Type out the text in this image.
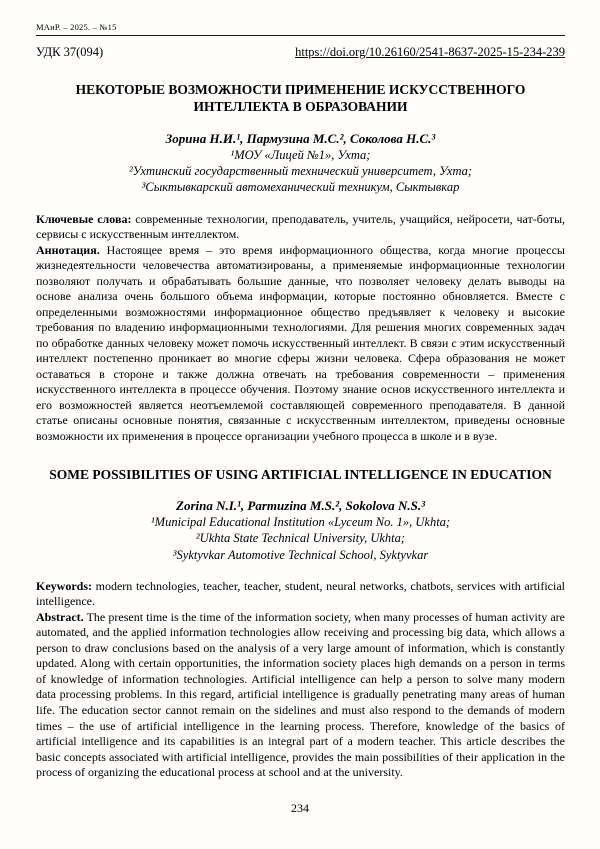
МАиР. – 2025. – №15
УДК 37(094)	https://doi.org/10.26160/2541-8637-2025-15-234-239
НЕКОТОРЫЕ ВОЗМОЖНОСТИ ПРИМЕНЕНИЕ ИСКУССТВЕННОГО ИНТЕЛЛЕКТА В ОБРАЗОВАНИИ
Зорина Н.И.¹, Пармузина М.С.², Соколова Н.С.³
¹МОУ «Лицей №1», Ухта;
²Ухтинский государственный технический университет, Ухта;
³Сыктывкарский автомеханический техникум, Сыктывкар
Ключевые слова: современные технологии, преподаватель, учитель, учащийся, нейросети, чат-боты, сервисы с искусственным интеллектом.
Аннотация. Настоящее время – это время информационного общества, когда многие процессы жизнедеятельности человечества автоматизированы, а применяемые информационные технологии позволяют получать и обрабатывать большие данные, что позволяет человеку делать выводы на основе анализа очень большого объема информации, которые постоянно обновляется. Вместе с определенными возможностями информационное общество предъявляет к человеку и высокие требования по владению информационными технологиями. Для решения многих современных задач по обработке данных человеку может помочь искусственный интеллект. В связи с этим искусственный интеллект постепенно проникает во многие сферы жизни человека. Сфера образования не может оставаться в стороне и также должна отвечать на требования современности – применения искусственного интеллекта в процессе обучения. Поэтому знание основ искусственного интеллекта и его возможностей является неотъемлемой составляющей современного преподавателя. В данной статье описаны основные понятия, связанные с искусственным интеллектом, приведены основные возможности их применения в процессе организации учебного процесса в школе и в вузе.
SOME POSSIBILITIES OF USING ARTIFICIAL INTELLIGENCE IN EDUCATION
Zorina N.I.¹, Parmuzina M.S.², Sokolova N.S.³
¹Municipal Educational Institution «Lyceum No. 1», Ukhta;
²Ukhta State Technical University, Ukhta;
³Syktyvkar Automotive Technical School, Syktyvkar
Keywords: modern technologies, teacher, teacher, student, neural networks, chatbots, services with artificial intelligence.
Abstract. The present time is the time of the information society, when many processes of human activity are automated, and the applied information technologies allow receiving and processing big data, which allows a person to draw conclusions based on the analysis of a very large amount of information, which is constantly updated. Along with certain opportunities, the information society places high demands on a person in terms of knowledge of information technologies. Artificial intelligence can help a person to solve many modern data processing problems. In this regard, artificial intelligence is gradually penetrating many areas of human life. The education sector cannot remain on the sidelines and must also respond to the demands of modern times – the use of artificial intelligence in the learning process. Therefore, knowledge of the basics of artificial intelligence and its capabilities is an integral part of a modern teacher. This article describes the basic concepts associated with artificial intelligence, provides the main possibilities of their application in the process of organizing the educational process at school and at the university.
234
